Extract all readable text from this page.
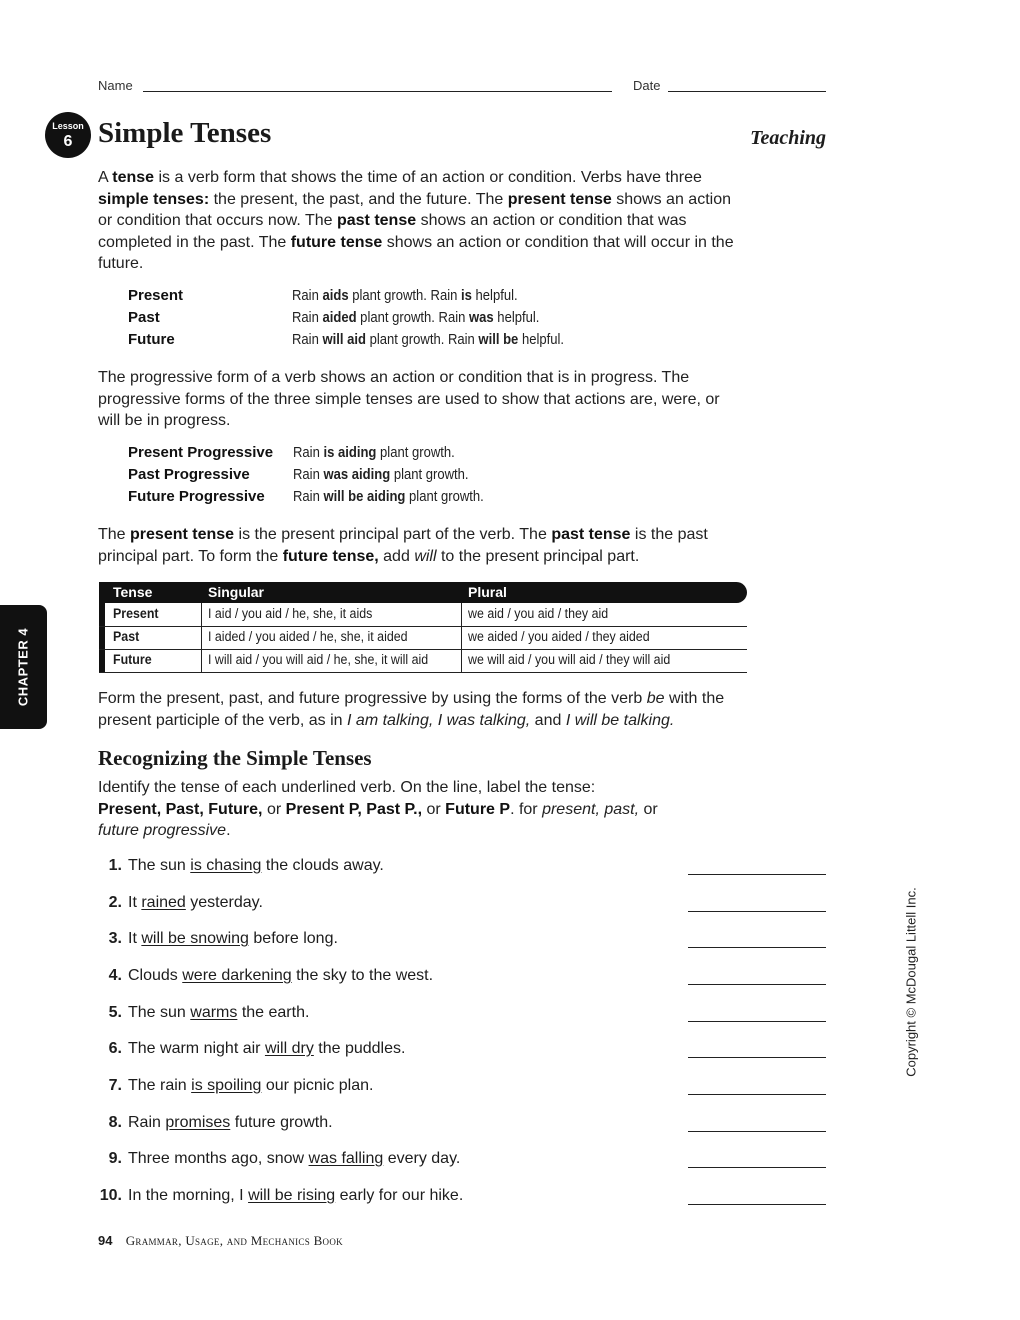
Name	Date
Lesson
6 Simple Tenses	Teaching
A tense is a verb form that shows the time of an action or condition. Verbs have three simple tenses: the present, the past, and the future. The present tense shows an action or condition that occurs now. The past tense shows an action or condition that was completed in the past. The future tense shows an action or condition that will occur in the future.
Present	Rain aids plant growth. Rain is helpful.
Past	Rain aided plant growth. Rain was helpful.
Future	Rain will aid plant growth. Rain will be helpful.
The progressive form of a verb shows an action or condition that is in progress. The progressive forms of the three simple tenses are used to show that actions are, were, or will be in progress.
Present Progressive Rain is aiding plant growth.
Past Progressive	Rain was aiding plant growth.
Future Progressive Rain will be aiding plant growth.
The present tense is the present principal part of the verb. The past tense is the past principal part. To form the future tense, add will to the present principal part.
Tense	Singular	Plural
Present	I aid / you aid / he, she, it aids	we aid / you aid / they aid
Past	I aided / you aided / he, she, it aided	we aided / you aided / they aided
Future	I will aid / you will aid / he, she, it will aid	we will aid / you will aid / they will aid
CHAPTER 4	Form the present, past, and future progressive by using the forms of the verb be with the present participle of the verb, as in I am talking, I was talking, and I will be talking.
Recognizing the Simple Tenses
Identify the tense of each underlined verb. On the line, label the tense:
Present, Past, Future, or Present P, Past P., or Future P. for present, past, or
future progressive.
1. The sun is chasing the clouds away.
2. It rained yesterday.
3. It will be snowing before long.
4. Clouds were darkening the sky to the west.
5. The sun warms the earth.
6. The warm night air will dry the puddles.
7. The rain is spoiling our picnic plan.
8. Rain promises future growth.
9. Three months ago, snow was falling every day.
10. In the morning, I will be rising early for our hike.
Copyright © McDougal Littell Inc.
94 Grammar, Usage, and Mechanics Book
